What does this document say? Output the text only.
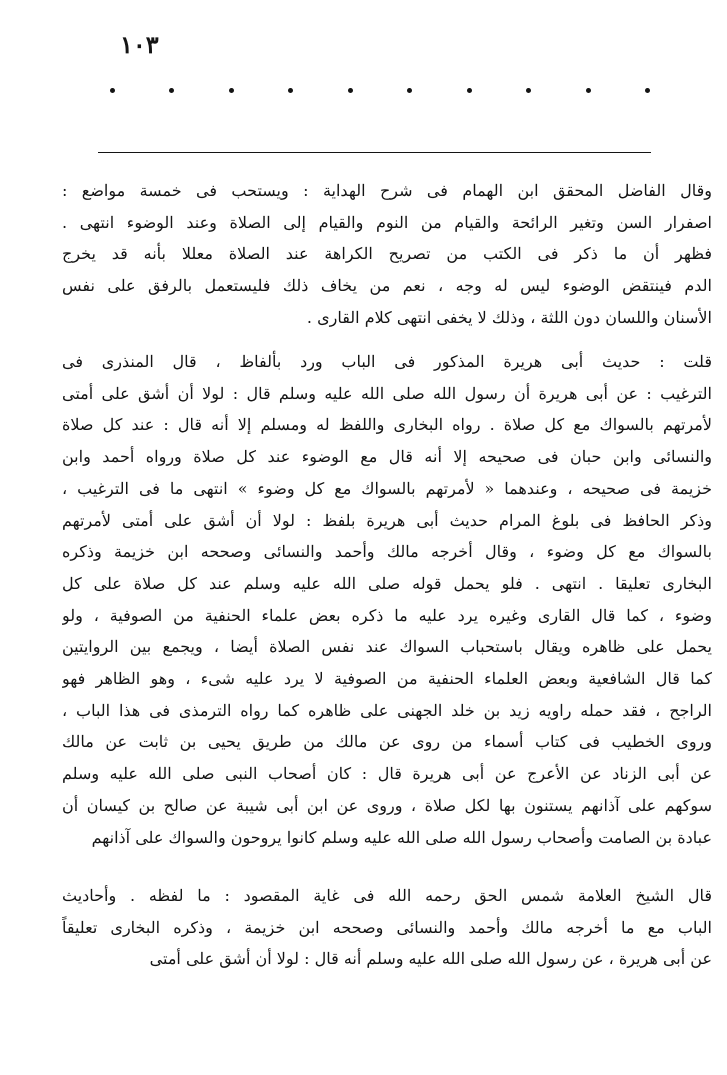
١٠٣
وقال الفاضل المحقق ابن الهمام فى شرح الهداية : ويستحب فى خمسة مواضع :
اصفرار السن وتغير الرائحة والقيام من النوم والقيام إلى الصلاة وعند الوضوء انتهى .
فظهر أن ما ذكر فى الكتب من تصريح الكراهة عند الصلاة معللا بأنه قد يخرج
الدم فينتقض الوضوء ليس له وجه ، نعم من يخاف ذلك فليستعمل بالرفق على نفس
الأسنان واللسان دون اللثة ، وذلك لا يخفى انتهى كلام القارى .
قلت : حديث أبى هريرة المذكور فى الباب ورد بألفاظ ، قال المنذرى فى
الترغيب : عن أبى هريرة أن رسول الله صلى الله عليه وسلم قال : لولا أن أشق على أمتى
لأمرتهم بالسواك مع كل صلاة . رواه البخارى واللفظ له ومسلم إلا أنه قال : عند كل صلاة
والنسائى وابن حبان فى صحيحه إلا أنه قال مع الوضوء عند كل صلاة ورواه أحمد وابن
خزيمة فى صحيحه ، وعندهما « لأمرتهم بالسواك مع كل وضوء » انتهى ما فى الترغيب ،
وذكر الحافظ فى بلوغ المرام حديث أبى هريرة بلفظ : لولا أن أشق على أمتى لأمرتهم
بالسواك مع كل وضوء ، وقال أخرجه مالك وأحمد والنسائى وصححه ابن خزيمة وذكره
البخارى تعليقا . انتهى . فلو يحمل قوله صلى الله عليه وسلم عند كل صلاة على كل
وضوء ، كما قال القارى وغيره يرد عليه ما ذكره بعض علماء الحنفية من الصوفية ، ولو
يحمل على ظاهره ويقال باستحباب السواك عند نفس الصلاة أيضا ، ويجمع بين الروايتين
كما قال الشافعية وبعض العلماء الحنفية من الصوفية لا يرد عليه شىء ، وهو الظاهر فهو
الراجح ، فقد حمله راويه زيد بن خلد الجهنى على ظاهره كما رواه الترمذى فى هذا الباب ،
وروى الخطيب فى كتاب أسماء من روى عن مالك من طريق يحيى بن ثابت عن مالك
عن أبى الزناد عن الأعرج عن أبى هريرة قال : كان أصحاب النبى صلى الله عليه وسلم
سوكهم على آذانهم يستنون بها لكل صلاة ، وروى عن ابن أبى شيبة عن صالح بن كيسان أن
عبادة بن الصامت وأصحاب رسول الله صلى الله عليه وسلم كانوا يروحون والسواك على آذانهم
قال الشيخ العلامة شمس الحق رحمه الله فى غاية المقصود : ما لفظه . وأحاديث
الباب مع ما أخرجه مالك وأحمد والنسائى وصححه ابن خزيمة ، وذكره البخارى تعليقاً
عن أبى هريرة ، عن رسول الله صلى الله عليه وسلم أنه قال : لولا أن أشق على أمتى
